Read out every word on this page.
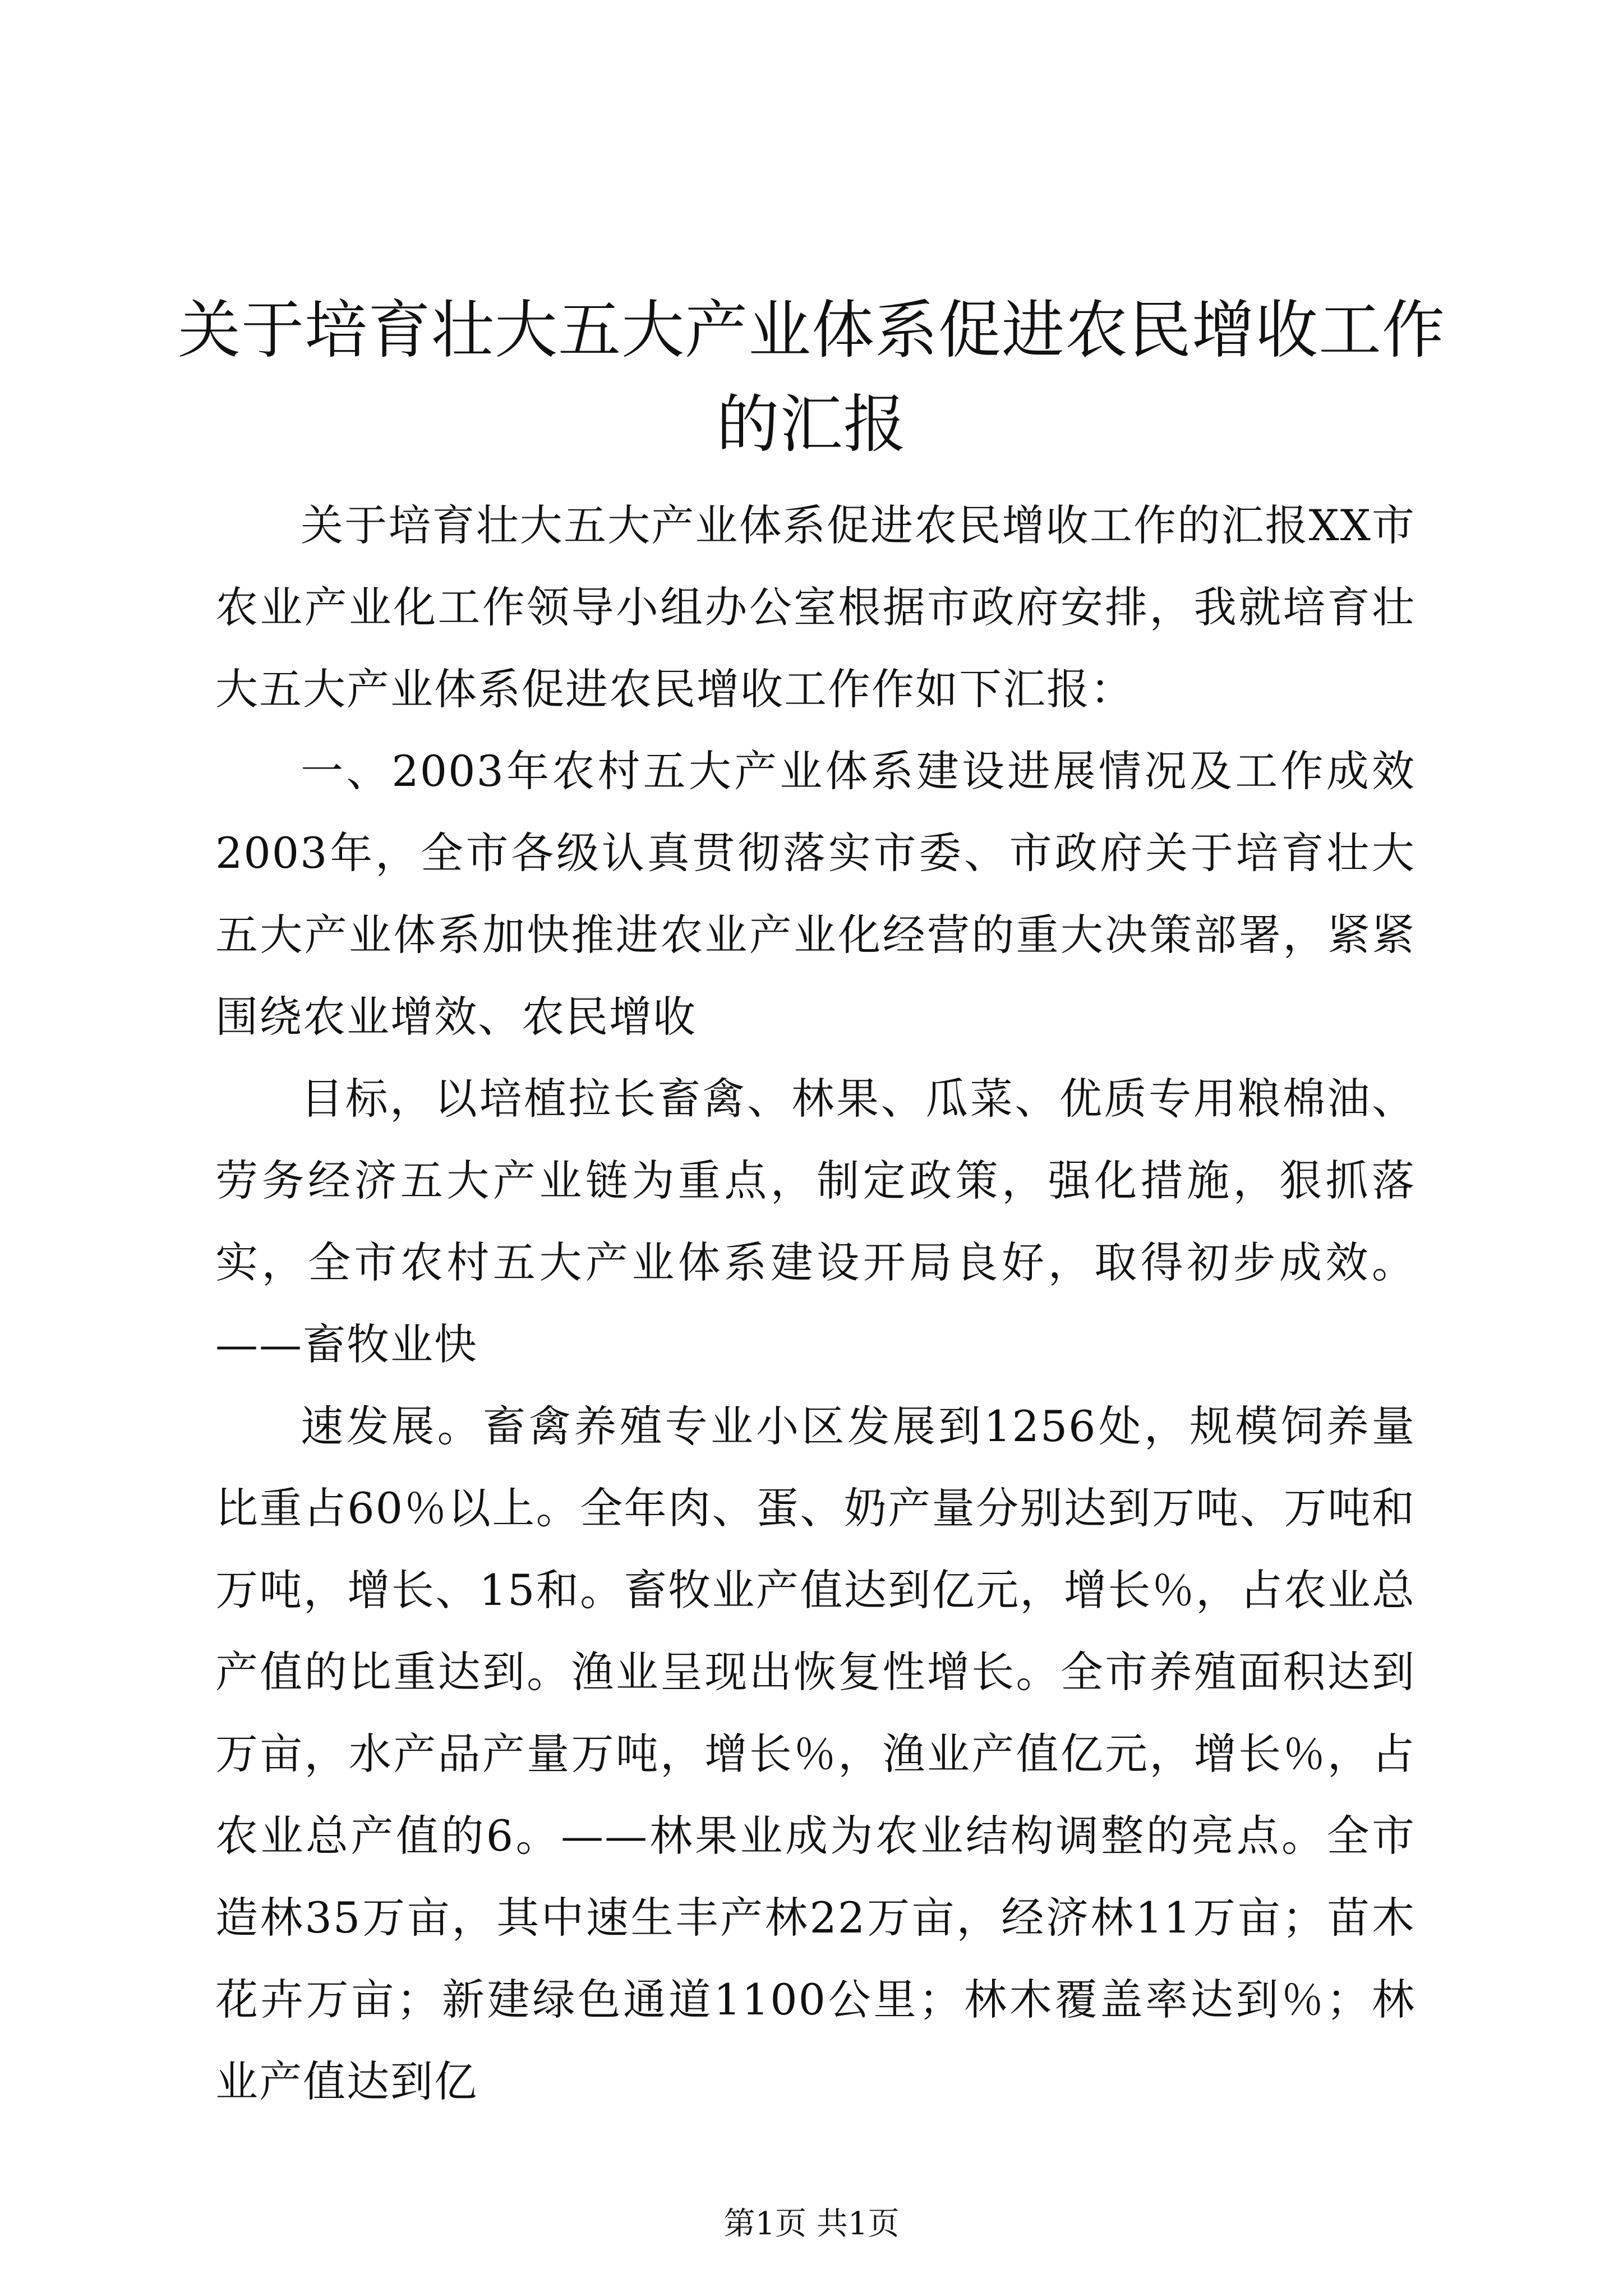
关于培育壮大五大产业体系促进农民增收工作的汇报

关于培育壮大五大产业体系促进农民增收工作的汇报XX市农业产业化工作领导小组办公室根据市政府安排，我就培育壮大五大产业体系促进农民增收工作作如下汇报：

一、2003年农村五大产业体系建设进展情况及工作成效2003年，全市各级认真贯彻落实市委、市政府关于培育壮大五大产业体系加快推进农业产业化经营的重大决策部署，紧紧围绕农业增效、农民增收

目标，以培植拉长畜禽、林果、瓜菜、优质专用粮棉油、劳务经济五大产业链为重点，制定政策，强化措施，狠抓落实，全市农村五大产业体系建设开局良好，取得初步成效。——畜牧业快

速发展。畜禽养殖专业小区发展到1256处，规模饲养量比重占60％以上。全年肉、蛋、奶产量分别达到万吨、万吨和万吨，增长、15和。畜牧业产值达到亿元，增长％，占农业总产值的比重达到。渔业呈现出恢复性增长。全市养殖面积达到万亩，水产品产量万吨，增长％，渔业产值亿元，增长％，占农业总产值的6。——林果业成为农业结构调整的亮点。全市造林35万亩，其中速生丰产林22万亩，经济林11万亩；苗木花卉万亩；新建绿色通道1100公里；林木覆盖率达到％；林业产值达到亿

第1页 共1页
